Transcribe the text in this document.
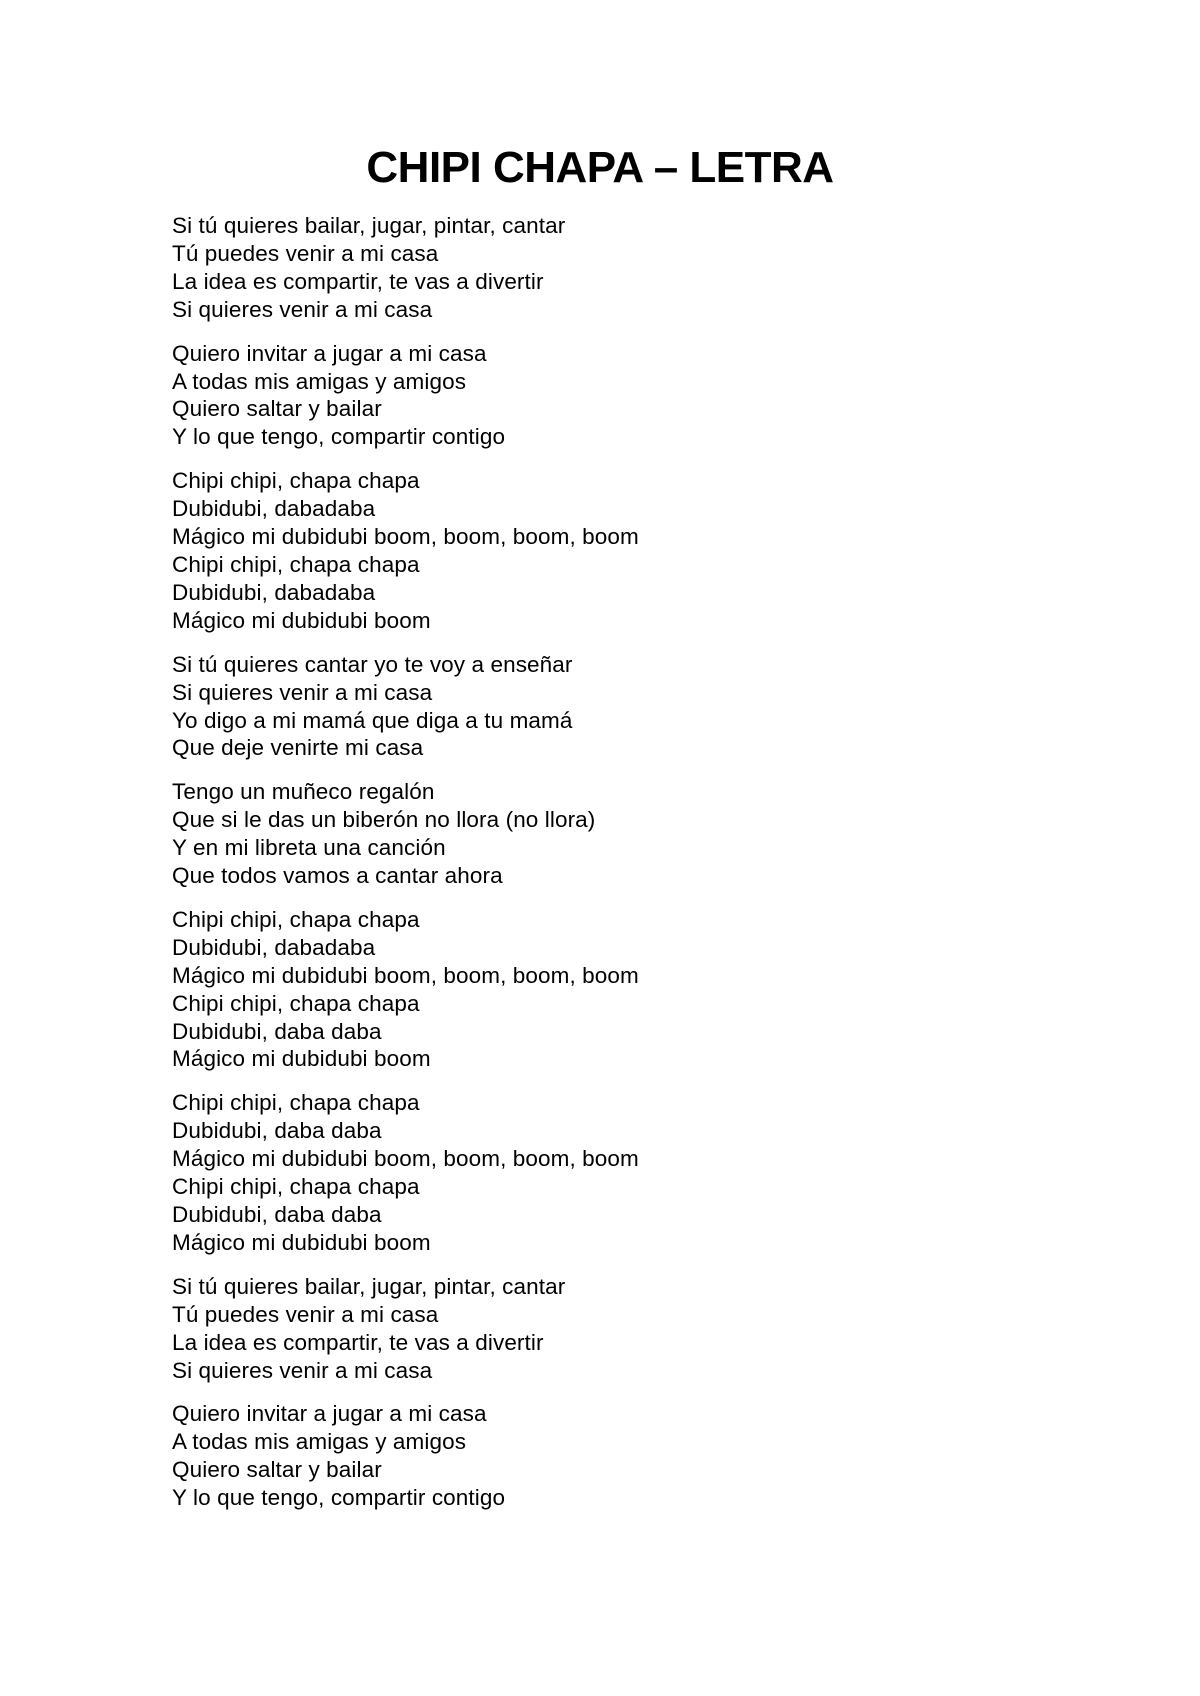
CHIPI CHAPA – LETRA
Si tú quieres bailar, jugar, pintar, cantar
Tú puedes venir a mi casa
La idea es compartir, te vas a divertir
Si quieres venir a mi casa
Quiero invitar a jugar a mi casa
A todas mis amigas y amigos
Quiero saltar y bailar
Y lo que tengo, compartir contigo
Chipi chipi, chapa chapa
Dubidubi, dabadaba
Mágico mi dubidubi boom, boom, boom, boom
Chipi chipi, chapa chapa
Dubidubi, dabadaba
Mágico mi dubidubi boom
Si tú quieres cantar yo te voy a enseñar
Si quieres venir a mi casa
Yo digo a mi mamá que diga a tu mamá
Que deje venirte mi casa
Tengo un muñeco regalón
Que si le das un biberón no llora (no llora)
Y en mi libreta una canción
Que todos vamos a cantar ahora
Chipi chipi, chapa chapa
Dubidubi, dabadaba
Mágico mi dubidubi boom, boom, boom, boom
Chipi chipi, chapa chapa
Dubidubi, daba daba
Mágico mi dubidubi boom
Chipi chipi, chapa chapa
Dubidubi, daba daba
Mágico mi dubidubi boom, boom, boom, boom
Chipi chipi, chapa chapa
Dubidubi, daba daba
Mágico mi dubidubi boom
Si tú quieres bailar, jugar, pintar, cantar
Tú puedes venir a mi casa
La idea es compartir, te vas a divertir
Si quieres venir a mi casa
Quiero invitar a jugar a mi casa
A todas mis amigas y amigos
Quiero saltar y bailar
Y lo que tengo, compartir contigo
